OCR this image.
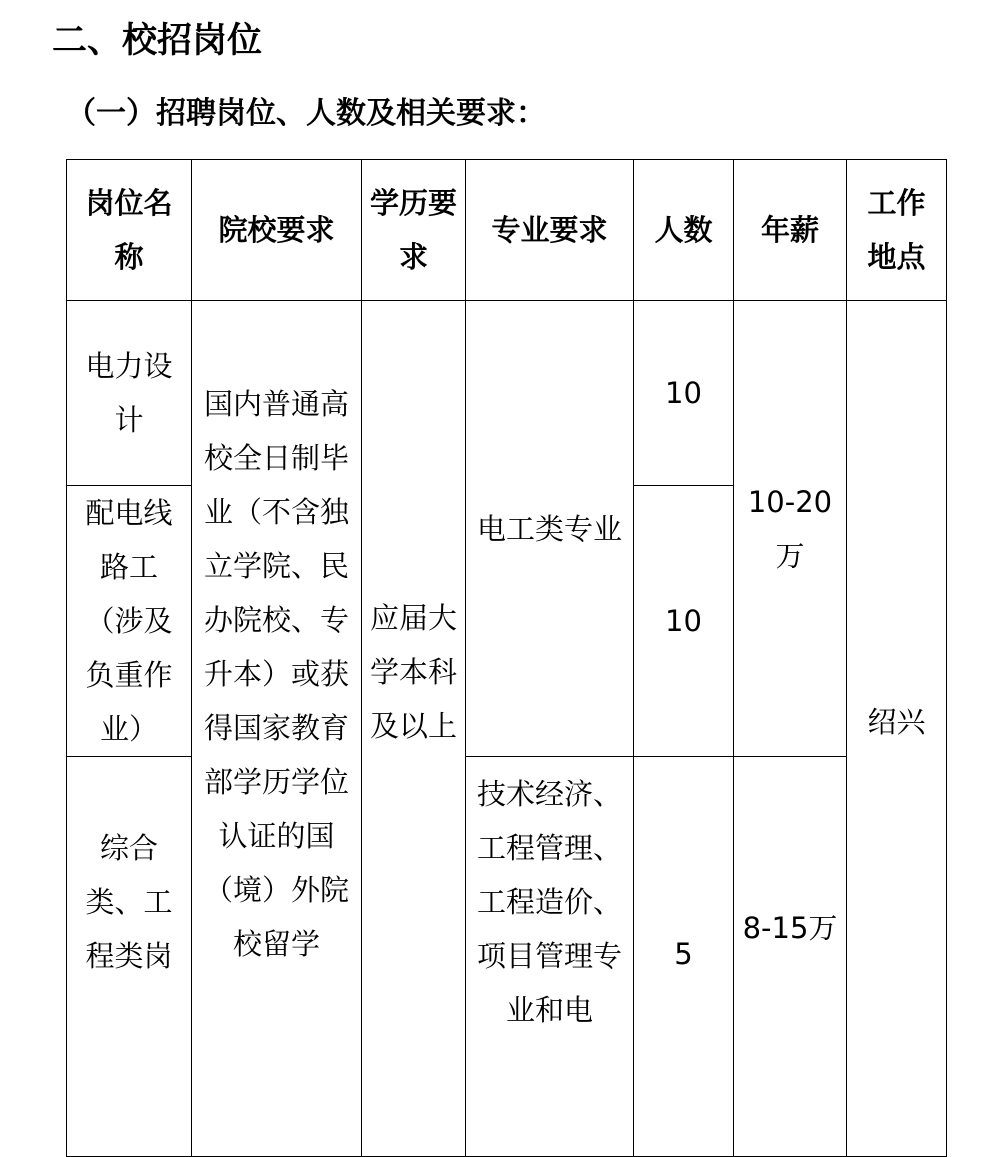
二、校招岗位
（一）招聘岗位、人数及相关要求：
岗位名称	院校要求	学历要求	专业要求	人数	年薪	工作地点
电力设计	国内普通高校全日制毕业（不含独立学院、民办院校、专升本）或获得国家教育部学历学位认证的国（境）外院校留学	应届大学本科及以上	电工类专业	10	10-20万	绍兴
配电线路工（涉及负重作业）				10		
综合类、工程类岗			技术经济、工程管理、工程造价、项目管理专业和电	5	8-15万	
